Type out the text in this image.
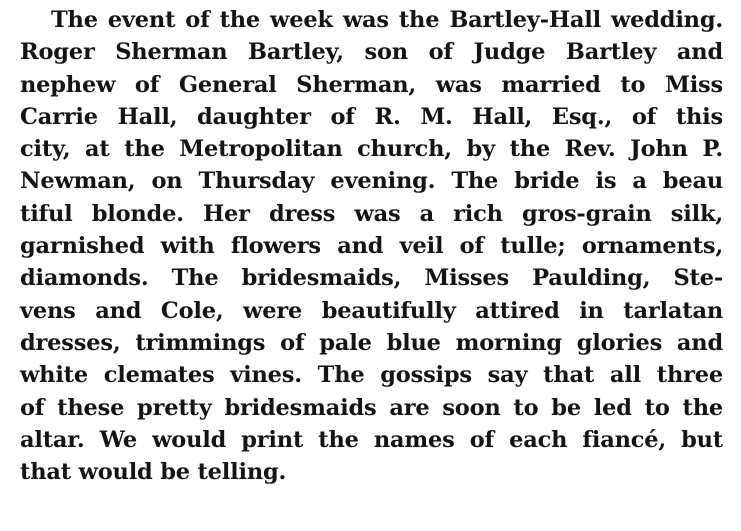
The event of the week was the Bartley-Hall wedding.
Roger Sherman Bartley, son of Judge Bartley and
nephew of General Sherman, was married to Miss
Carrie Hall, daughter of R. M. Hall, Esq., of this
city, at the Metropolitan church, by the Rev. John P.
Newman, on Thursday evening. The bride is a beau
tiful blonde. Her dress was a rich gros-grain silk,
garnished with flowers and veil of tulle; ornaments,
diamonds. The bridesmaids, Misses Paulding, Ste-
vens and Cole, were beautifully attired in tarlatan
dresses, trimmings of pale blue morning glories and
white clemates vines. The gossips say that all three
of these pretty bridesmaids are soon to be led to the
altar. We would print the names of each fiancé, but
that would be telling.
